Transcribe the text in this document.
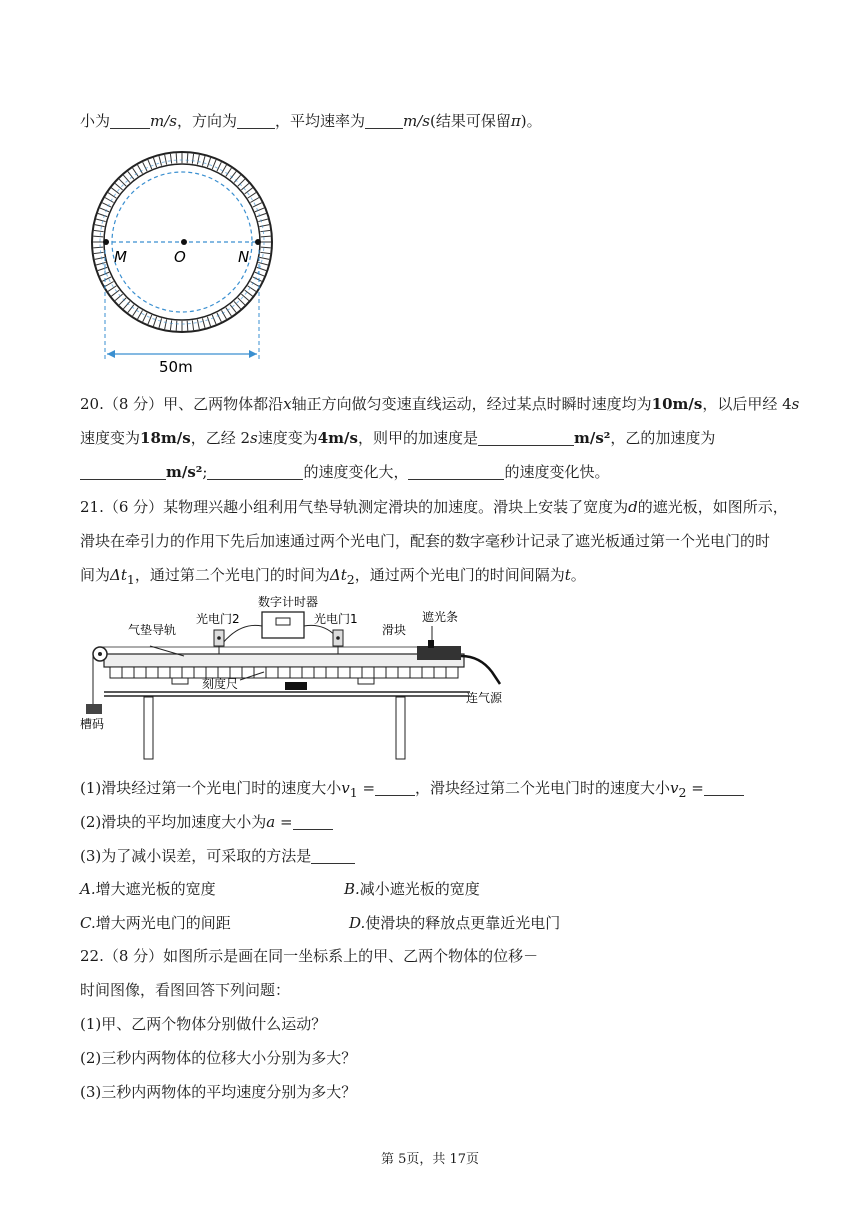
小为	m/s，方向为	，平均速率为	m/s(结果可保留π)。
M	O	N
50m
20.（8 分）甲、乙两物体都沿x轴正方向做匀变速直线运动，经过某点时瞬时速度均为10m/s，以后甲经 4s
速度变为18m/s，乙经 2s速度变为4m/s，则甲的加速度是	m/s²，乙的加速度为
m/s²;	的速度变化大，	的速度变化快。
21.（6 分）某物理兴趣小组利用气垫导轨测定滑块的加速度。滑块上安装了宽度为d的遮光板，如图所示，
滑块在牵引力的作用下先后加速通过两个光电门，配套的数字毫秒计记录了遮光板通过第一个光电门的时
间为$\Delta t_1$，通过第二个光电门的时间为$\Delta t_2$，通过两个光电门的时间间隔为t。
数字计时器
光电门2	光电门1
气垫导轨	滑块
遮光条
刻度尺
连气源
槽码
(1)滑块经过第一个光电门时的速度大小$v_1$ =	，滑块经过第二个光电门时的速度大小$v_2$ =
(2)滑块的平均加速度大小为a =
(3)为了减小误差，可采取的方法是
A.增大遮光板的宽度	B.减小遮光板的宽度
C.增大两光电门的间距	D.使滑块的释放点更靠近光电门
22.（8 分）如图所示是画在同一坐标系上的甲、乙两个物体的位移－
时间图像，看图回答下列问题：
(1)甲、乙两个物体分别做什么运动？
(2)三秒内两物体的位移大小分别为多大？
(3)三秒内两物体的平均速度分别为多大？
第 5页，共 17页
